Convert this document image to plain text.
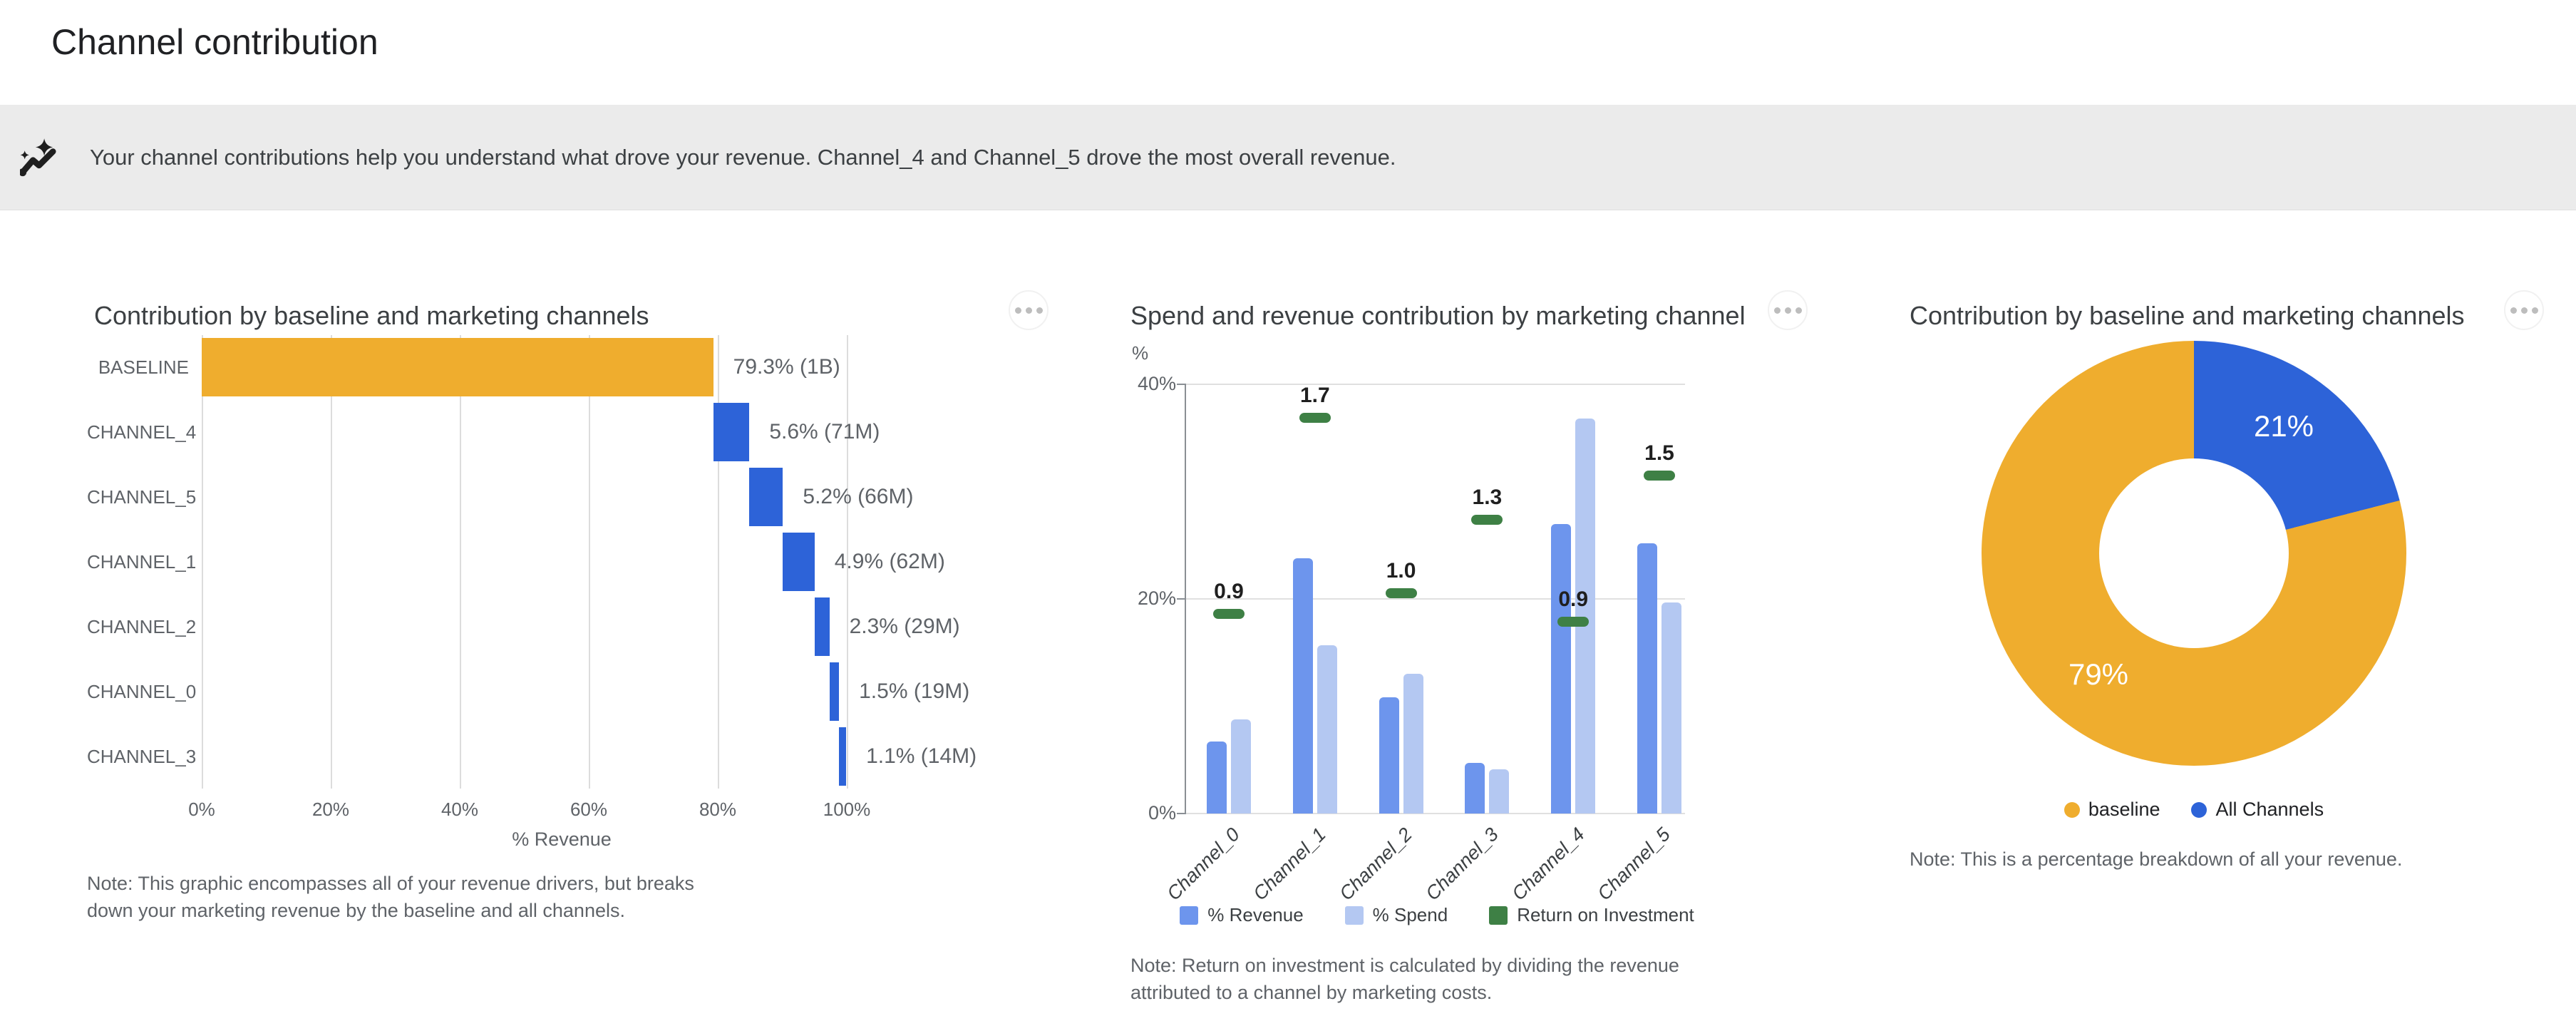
Channel contribution
Your channel contributions help you understand what drove your revenue. Channel_4 and Channel_5 drove the most overall revenue.
Contribution by baseline and marketing channels
79.3% (1B)
5.6% (71M)
5.2% (66M)
4.9% (62M)
2.3% (29M)
1.5% (19M)
1.1% (14M)
% Revenue
Note: This graphic encompasses all of your revenue drivers, but breaks down your marketing revenue by the baseline and all channels.
0%	20%	40%	60%	80%	100%
BASELINE
CHANNEL_4
CHANNEL_5
CHANNEL_1
CHANNEL_2
CHANNEL_0
CHANNEL_3
Spend and revenue contribution by marketing channel
%
0.9
Channel_0
1.7
Channel_1
1.0
Channel_2
1.3
Channel_3
0.9
Channel_4
1.5
Channel_5
% Revenue	% Spend	Return on Investment
Note: Return on investment is calculated by dividing the revenue attributed to a channel by marketing costs.
40%
20%
0%
Contribution by baseline and marketing channels
21%
79%
baseline	All Channels
Note: This is a percentage breakdown of all your revenue.
